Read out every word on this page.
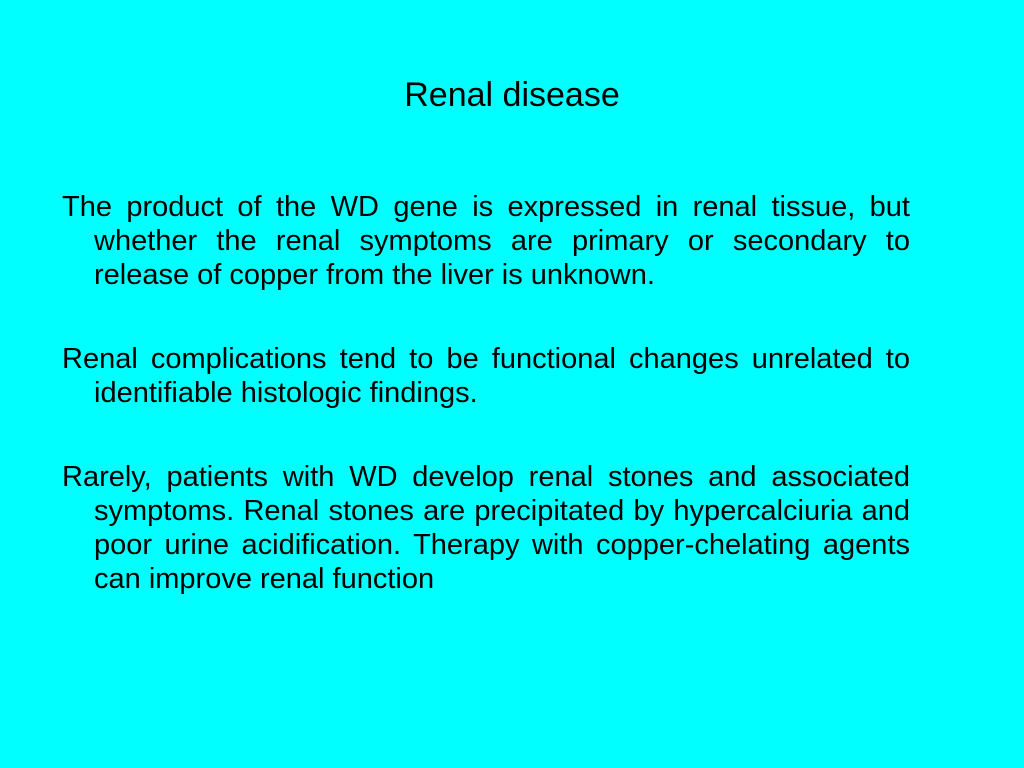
Renal disease

The product of the WD gene is expressed in renal tissue, but whether the renal symptoms are primary or secondary to release of copper from the liver is unknown.

Renal complications tend to be functional changes unrelated to identifiable histologic findings.

Rarely, patients with WD develop renal stones and associated symptoms. Renal stones are precipitated by hypercalciuria and poor urine acidification. Therapy with copper-chelating agents can improve renal function
